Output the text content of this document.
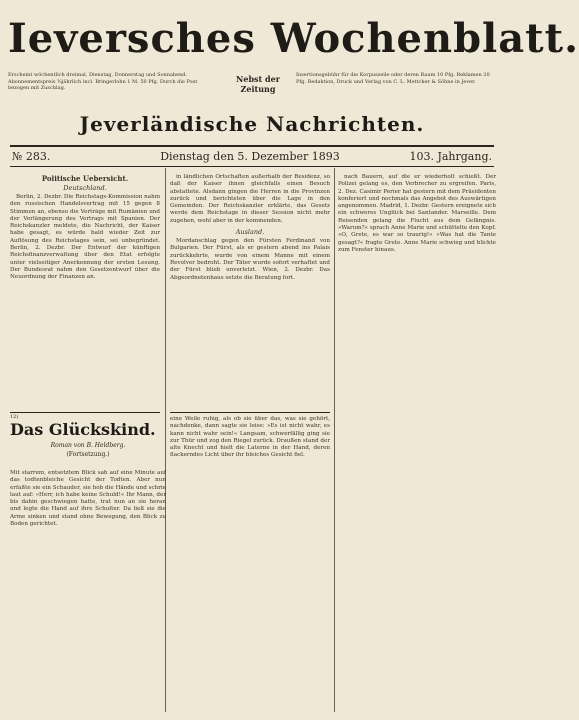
Ieversches Wochenblatt.
Erscheint wöchentlich dreimal, Dienstag, Donnerstag und Sonnabend. Abonnementspreis ¾jährlich incl. Bringerlohn 1 M. 50 Pfg. Durch die Post bezogen mit Zuschlag.
Nebst der Zeitung
Insertionsgebühr für die Korpuszeile oder deren Raum 10 Pfg. Reklamen 20 Pfg. Redaktion, Druck und Verlag von C. L. Mettcker & Söhne in Jever.
Jeverländische Nachrichten.
№ 283.	Dienstag den 5. Dezember 1893	103. Jahrgang.
Politische Uebersicht.
Deutschland.

Berlin, 2. Dezbr. Die Reichstags-Kommission nahm den russischen Handelsvertrag mit 15 gegen 8 Stimmen an, ebenso die Verträge mit Rumänien und der Verlängerung des Vertrags mit Spanien. Der Reichskanzler meldete, die Nachricht, der Kaiser habe gesagt, es würde bald wieder Zeit zur Auflösung des Reichstages sein, sei unbegründet. Berlin, 2. Dezbr. Der Entwurf der künftigen Reichsfinanzverwaltung über den Etat erfolgte unter vielseitiger Anerkennung der ersten Lesung. Der Bundesrat nahm den Gesetzentwurf über die Neuordnung der Finanzen an.

in ländlichen Ortschaften außerhalb der Residenz, so daß der Kaiser ihnen gleichfalls einen Besuch abstattete. Alsdann gingen die Herren in die Provinzen zurück und berichteten über die Lage in den Gemeinden. Der Reichskanzler erklärte, das Gesetz werde dem Reichstage in dieser Session nicht mehr zugehen, wohl aber in der kommenden.

Ausland.

Mordanschlag gegen den Fürsten Ferdinand von Bulgarien. Der Fürst, als er gestern abend ins Palais zurückkehrte, wurde von einem Manne mit einem Revolver bedroht. Der Täter wurde sofort verhaftet und der Fürst blieb unverletzt. Wien, 2. Dezbr. Das Abgeordnetenhaus setzte die Beratung fort.

nach Bauern, auf die er wiederholt schießt. Der Polizei gelang es, den Verbrecher zu ergreifen. Paris, 2. Dez. Casimir Perier hat gestern mit dem Präsidenten konferiert und nochmals das Angebot des Auswärtigen angenommen. Madrid, 1. Dezbr. Gestern ereignete sich ein schweres Unglück bei Santander. Marseille. Dem Reisenden gelang die Flucht aus dem Gefängnis. »Warum?« sprach Anne Marie und schüttelte den Kopf. »O, Grete, es war so traurig!« »Was hat die Tante gesagt?« fragte Grete. Anne Marie schwieg und blickte zum Fenster hinaus.

12)
Das Glückskind.
Roman von B. Heldberg.
(Fortsetzung.)
Mit starrem, entsetztem Blick sah auf eine Minute auf das todtenbleiche Gesicht der Todten. Aber nun erfaßte sie ein Schauder, sie hob die Hände und schrie laut auf: »Herr, ich habe keine Schuld!« Ihr Mann, der bis dahin geschwiegen hatte, trat nun an sie heran und legte die Hand auf ihre Schulter. Da ließ sie die Arme sinken und stand ohne Bewegung, den Blick zu Boden gerichtet.
eine Weile ruhig, als ob sie über das, was sie gehört, nachdenke, dann sagte sie leise: »Es ist nicht wahr, es kann nicht wahr sein!« Langsam, schwerfällig ging sie zur Thür und zog den Riegel zurück. Draußen stand der alte Knecht und hielt die Laterne in der Hand, deren flackerndes Licht über ihr bleiches Gesicht fiel.
